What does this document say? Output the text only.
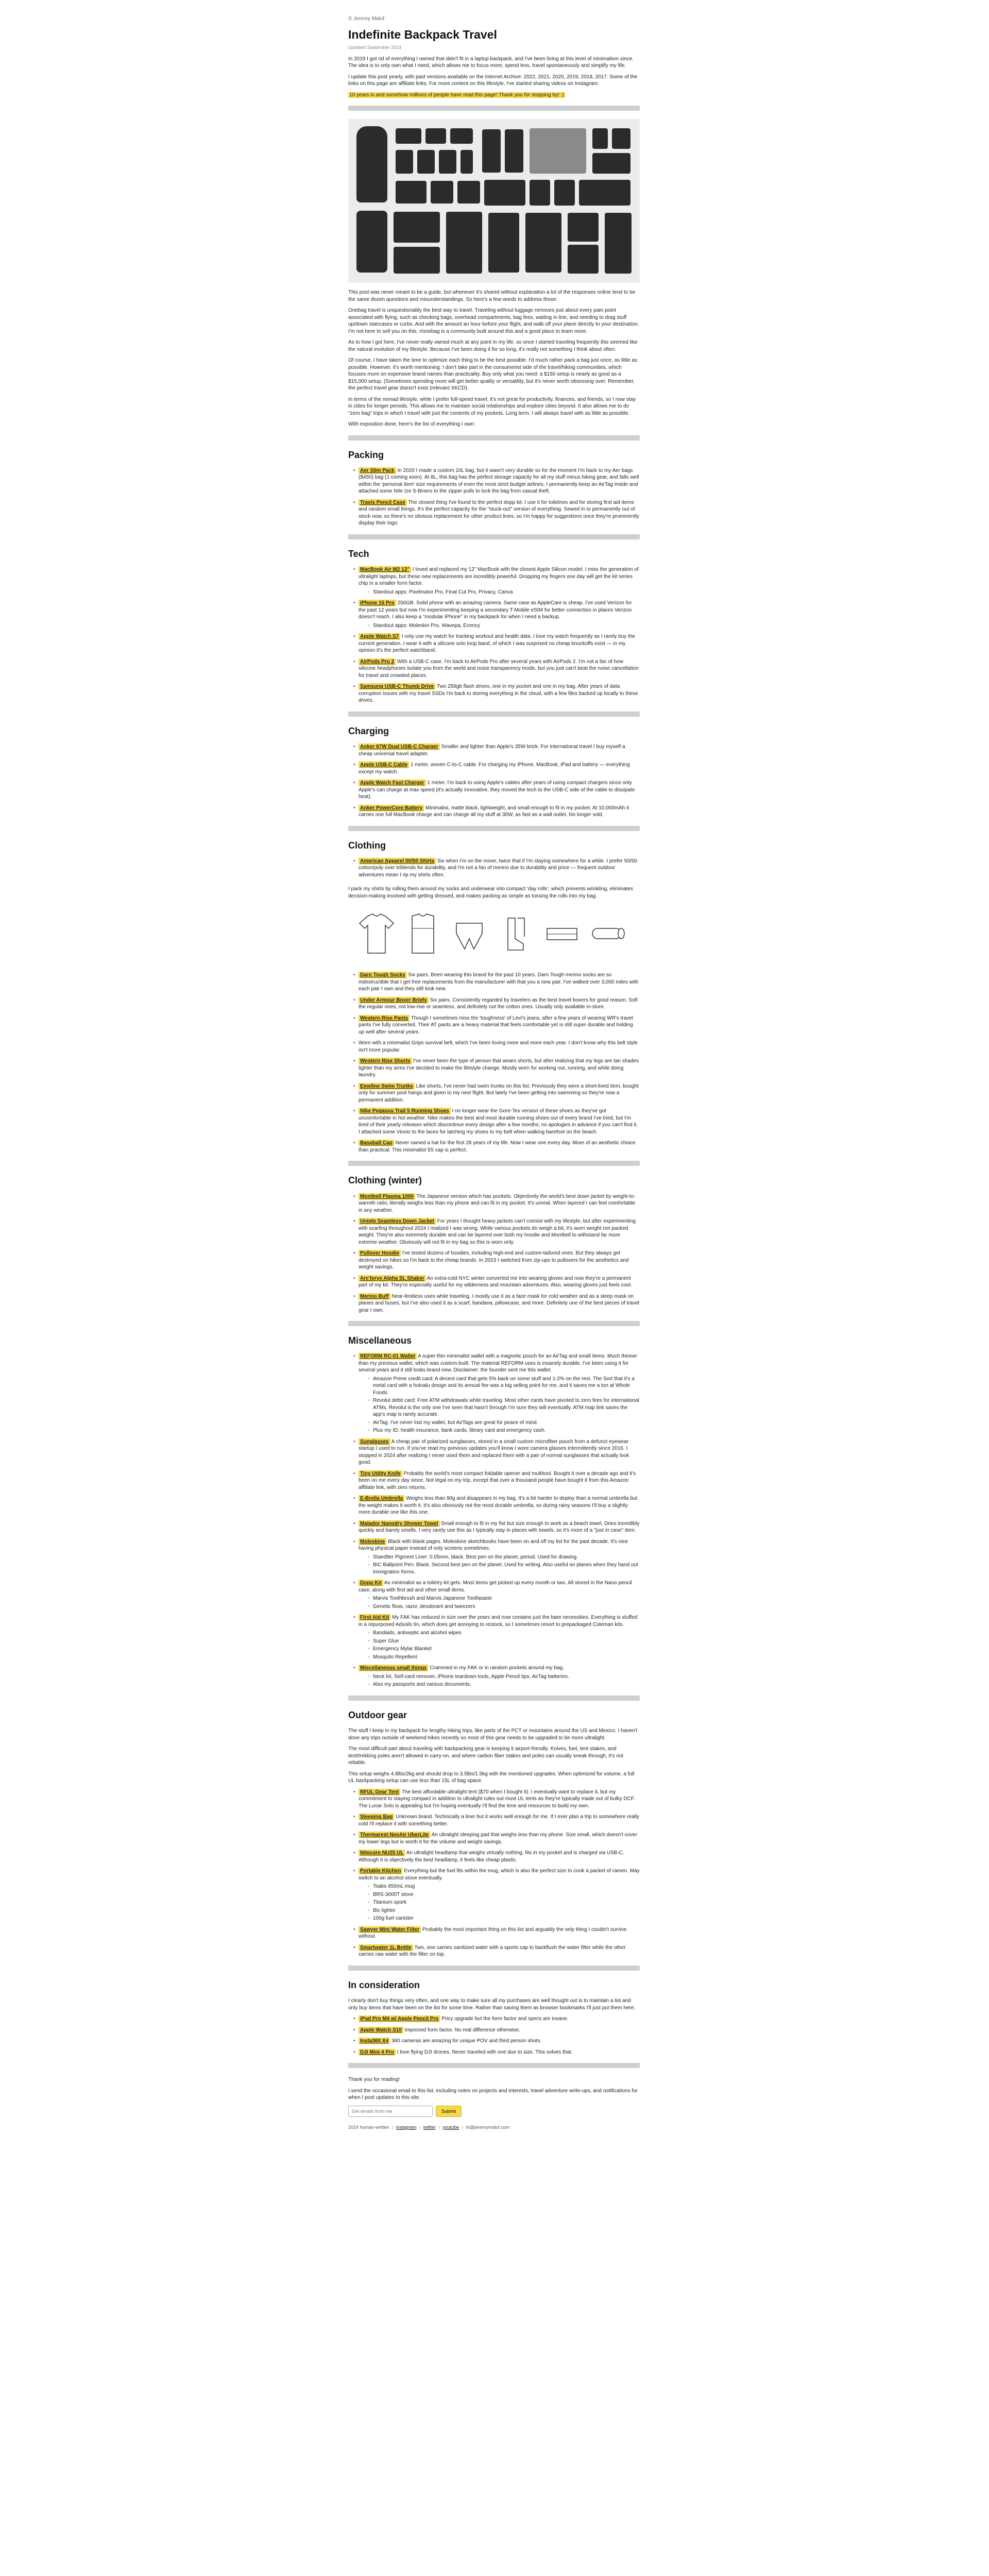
© Jeremy Maluf
Indefinite Backpack Travel
Updated September 2024

In 2019 I got rid of everything I owned that didn't fit in a laptop backpack, and I've been living at this level of minimalism since. The idea is to only own what I need, which allows me to focus more, spend less, travel spontaneously and simplify my life.

I update this post yearly, with past versions available on the Internet Archive: 2022, 2021, 2020, 2019, 2018, 2017. Some of the links on this page are affiliate links. For more content on this lifestyle, I've started sharing videos on Instagram.

10 years in and somehow millions of people have read this page! Thank you for stopping by! :)

This post was never meant to be a guide, but whenever it's shared without explanation a lot of the responses online tend to be the same dozen questions and misunderstandings. So here's a few words to address those:

Onebag travel is unquestionably the best way to travel. Traveling without luggage removes just about every pain point associated with flying, such as checking bags, overhead compartments, bag fees, waiting in line, and needing to drag stuff up/down staircases or curbs. And with the amount an hour before your flight, and walk off your plane directly to your destination. I'm not here to sell you on this. r/onebag is a community built around this and a good place to learn more.

As to how I got here, I've never really owned much at any point in my life, so once I started traveling frequently this seemed like the natural evolution of my lifestyle. Because I've been doing it for so long, it's really not something I think about often.

Of course, I have taken the time to optimize each thing to be the best possible. I'd much rather pack a bag just once, as little as possible. However, it's worth mentioning: I don't take part in the consumerist side of the travel/hiking communities, which focuses more on expensive brand names than practicality. Buy only what you need: a $150 setup is nearly as good as a $15,000 setup. (Sometimes spending more will get better quality or versatility, but it's never worth obsessing over. Remember, the perfect travel gear doesn't exist (relevant XKCD).

In terms of the nomad lifestyle, while I prefer full-speed travel, it's not great for productivity, finances, and friends, so I now stay in cities for longer periods. This allows me to maintain social relationships and explore cities beyond. It also allows me to do "zero bag" trips in which I travel with just the contents of my pockets. Long term, I will always travel with as little as possible.

With exposition done, here's the list of everything I own:

Packing
• Aer Slim Pack In 2020 I made a custom 10L bag, but it wasn't very durable so for the moment I'm back to my Aer bags ($450) bag (1 coming soon). At 8L, this bag has the perfect storage capacity for all my stuff minus hiking gear, and falls well within the 'personal item' size requirements of even the most strict budget airlines. I permanently keep an AirTag inside and attached some Nite Ize S-Biners to the zipper pulls to lock the bag from casual theft.
• Travis Pencil Case The closest thing I've found to the perfect dopp kit. I use it for toiletries and for storing first aid items and random small things. It's the perfect capacity for the "stuck-out" version of everything. Sewed in to permanently out of stock now, so there's no obvious replacement for other product lines, so I'm happy for suggestions once they're prominently display their logo.
Tech
• MacBook Air M2 13" I loved and replaced my 12" MacBook with the closest Apple Silicon model. I miss the generation of ultralight laptops, but these new replacements are incredibly powerful. Dropping my fingers one day will get the kit series chip in a smaller form factor.
◦ Standout apps: Pixelmator Pro, Final Cut Pro, Privacy, Canva
• iPhone 15 Pro 256GB. Solid phone with an amazing camera. Same case as AppleCare is cheap. I've used Verizon for the past 12 years but now I'm experimenting keeping a secondary T-Mobile eSIM for better connection in places Verizon doesn't reach. I also keep a "modular iPhone" in my backpack for when I need a backup.
◦ Standout apps: Moleskin Pro, Wavepa, Ecency
• Apple Watch S7 I only use my watch for tracking workout and health data. I lose my watch frequently as I rarely buy the current generation. I wear it with a silicone solo loop band, of which I was surprised no cheap knockoffs exist — in my opinion it's the perfect watchband.
• AirPods Pro 2 With a USB-C case. I'm back to AirPods Pro after several years with AirPods 2. I'm not a fan of how silicone headphones isolate you from the world and noise transparency mode, but you just can't beat the noise cancellation for travel and crowded places.
• Samsung USB-C Thumb Drive Two 256gb flash drives, one in my pocket and one in my bag. After years of data corruption issues with my travel SSDs I'm back to storing everything in the cloud, with a few files backed up locally to these drives.
Charging
• Anker 67W Dual USB-C Charger Smaller and lighter than Apple's 35W brick. For international travel I buy myself a cheap universal travel adapter.
• Apple USB-C Cable 1 meter, woven C-to-C cable. For charging my iPhone, MacBook, iPad and battery — everything except my watch.
• Apple Watch Fast Charger 1 meter. I'm back to using Apple's cables after years of using compact chargers since only Apple's can charge at max speed (it's actually innovative, they moved the tech to the USB-C side of the cable to dissipate heat).
• Anker PowerCore Battery Minimalist, matte black, lightweight, and small enough to fit in my pocket. At 10,000mAh it carries one full MacBook charge and can charge all my stuff at 30W, as fast as a wall outlet. No longer sold.
Clothing
• American Apparel 50/50 Shirts Six when I'm on the move, twice that if I'm staying somewhere for a while. I prefer 50/50 cotton/poly over triblends for durability, and I'm not a fan of merino due to durability and price — frequent outdoor adventures mean I rip my shirts often.

I pack my shirts by rolling them around my socks and underwear into compact 'day rolls', which prevents wrinkling, eliminates decision-making involved with getting dressed, and makes packing as simple as tossing the rolls into my bag.

• Darn Tough Socks Six pairs. Been wearing this brand for the past 10 years. Darn Tough merino socks are so indestructible that I get free replacements from the manufacturer with that you a new pair. I've walked over 3,000 miles with each pair I own and they still look new.
• Under Armour Boxer Briefs Six pairs. Consistently regarded by travelers as the best travel boxers for good reason. Soft the regular ones, not low-rise or seamless, and definitely not the cotton ones. Usually only available in-store.
• Western Rise Pants Though I sometimes miss the 'toughness' of Levi's jeans, after a few years of wearing WR's travel pants I've fully converted. Their AT pants are a heavy material that feels comfortable yet is still super durable and holding up well after several years.
• Worn with a minimalist Grips survival belt, which I've been loving more and more each year. I don't know why this belt style isn't more popular.
• Western Rise Shorts I've never been the type of person that wears shorts, but after realizing that my legs are tan shades lighter than my arms I've decided to make the lifestyle change. Mostly worn for working out, running, and while doing laundry.
• Emeline Swim Trunks Like shorts, I've never had swim trunks on this list. Previously they were a short-lived item, bought only for summer pool hangs and given to my next flight. But lately I've been getting into swimming so they're now a permanent addition.
• Nike Pegasus Trail 5 Running Shoes I no longer wear the Gore-Tex version of these shoes as they've got uncomfortable in hot weather. Nike makes the best and most durable running shoes out of every brand I've tried, but I'm tired of their yearly releases which discontinue every design after a few months; no apologies in advance if you can't find it. I attached some Vionic to the laces for latching my shoes to my belt when walking barefoot on the beach.
• Baseball Cap Never owned a hat for the first 28 years of my life. Now I wear one every day. More of an aesthetic choice than practical. This minimalist 5S cap is perfect.
Clothing (winter)
• Montbell Plasma 1000 The Japanese version which has pockets. Objectively the world's best down jacket by weight-to-warmth ratio; literally weighs less than my phone and can fit in my pocket. It's unreal. When layered I can feel comfortable in any weather.
• Uniqlo Seamless Down Jacket For years I thought heavy jackets can't coexist with my lifestyle, but after experimenting with scarfing throughout 2024 I realized I was wrong. While various pockets do weigh a bit, it's worn weight not packed weight. They're also extremely durable and can be layered over both my hoodie and Montbell to withstand far more extreme weather. Obviously will not fit in my bag so this is worn only.
• Pullover Hoodie I've tested dozens of hoodies, including high-end and custom-tailored ones. But they always get destroyed on hikes so I'm back to the cheap brands. In 2023 I switched from zip-ups to pullovers for the aesthetics and weight savings.
• Arc'teryx Alpha SL Shaker An extra-cold NYC winter converted me into wearing gloves and now they're a permanent part of my kit. They're especially useful for my wilderness and mountain adventures. Also, wearing gloves just feels cool.
• Merino Buff Near-limitless uses while traveling. I mostly use it as a face mask for cold weather and as a sleep mask on planes and buses, but I've also used it as a scarf, bandana, pillowcase, and more. Definitely one of the best pieces of travel gear I own.
Miscellaneous
• REFORM RC-01 Wallet A super-thin minimalist wallet with a magnetic pouch for an AirTag and small items. Much thinner than my previous wallet, which was custom-built. The material REFORM uses is insanely durable, I've been using it for several years and it still looks brand new. Disclaimer: the founder sent me this wallet.
◦ Amazon Prime credit card: A decent card that gets 5% back on some stuff and 1-2% on the rest. The Sort that it's a metal card with a holoalu design and its annual fee was a big selling point for me, and it saves me a ton at Whole Foods.
◦ Revolut debit card: Free ATM withdrawals while traveling. Most other cards have pivoted to zero fees for international ATMs, Revolut is the only one I've seen that hasn't through I'm sure they will eventually. ATM map link saves the app's map is rarely accurate.
◦ AirTag: I've never lost my wallet, but AirTags are great for peace of mind.
◦ Plus my ID, health insurance, bank cards, library card and emergency cash.
• Sunglasses A cheap pair of polarized sunglasses, stored in a small custom microfiber pouch from a defunct eyewear startup I used to run. If you've read my previous updates you'll know I wore camera glasses intermittently since 2016. I stopped in 2024 after realizing I never used them and replaced them with a pair of normal sunglasses that actually look good.
• Tiny Utility Knife Probably the world's most compact foldable opener and multitool. Bought it over a decade ago and it's been on me every day since. Not legal on my trip, except that over a thousand people have bought it from this Amazon affiliate link, with zero returns.
• E-Brella Umbrella Weighs less than 90g and disappears in my bag. It's a bit harder to deploy than a normal umbrella but the weight makes it worth it. It's also obviously not the most durable umbrella, so during rainy seasons I'll buy a slightly more durable one like this one.
• Matador Nanodry Shower Towel Small enough to fit in my fist but size enough to work as a beach towel. Dries incredibly quickly and barely smells. I very rarely use this as I typically stay in places with towels, so it's more of a "just in case" item.
• Moleskine Black with blank pages. Moleskine sketchbooks have been on and off my list for the past decade. It's nice having physical paper instead of only screens sometimes.
◦ Staedtler Pigment Liner: 0.05mm, black. Best pen on the planet, period. Used for drawing.
◦ BIC Ballpoint Pen: Black. Second best pen on the planet. Used for writing. Also useful on planes when they hand out immigration forms.
• Dopp Kit As minimalist as a toiletry kit gets. Most items get picked up every month or two. All stored in the Nano pencil case, along with first aid and other small items.
◦ Marvis Toothbrush and Marvis Japanese Toothpaste
◦ Genetic floss, razor, deodorant and tweezers
• First Aid Kit My FAK has reduced in size over the years and now contains just the bare necessities. Everything is stuffed in a repurposed Adsoils tin, which does get annoying to restock, so I sometimes resort to prepackaged Coleman kits.
◦ Bandaids, antiseptic and alcohol wipes
◦ Super Glue
◦ Emergency Mylar Blanket
◦ Mosquito Repellent
• Miscellaneous small things Crammed in my FAK or in random pockets around my bag.
◦ Neck kit, Self-card remover, iPhone teardown tools, Apple Pencil tips, AirTag batteries.
◦ Also my passports and various documents.
Outdoor gear

The stuff I keep in my backpack for lengthy hiking trips, like parts of the PCT or mountains around the US and Mexico. I haven't done any trips outside of weekend hikes recently so most of this gear needs to be upgraded to be more ultralight.

The most difficult part about traveling with backpacking gear is keeping it airport-friendly. Knives, fuel, tent stakes, and tent/trekking poles aren't allowed in carry-on, and where carbon fiber stakes and poles can usually sneak through, it's not reliable.

This setup weighs 4.8lbs/2kg and should drop to 3.5lbs/1.5kg with the mentioned upgrades. When optimized for volume, a full UL backpacking setup can use less than 15L of bag space.

• RFUL Gear Tent The best affordable ultralight tent ($70 when I bought it). I eventually want to replace it, but my commitment to staying compact in addition to ultralight rules out most UL tents as they're typically made out of bulky DCF. The Lunar Solo is appealing but I'm hoping eventually I'll find the time and resources to build my own.
• Sleeping Bag Unknown brand. Technically a liner but it works well enough for me. If I ever plan a trip to somewhere really cold I'll replace it with something better.
• Thermarest NeoAir UberLite An ultralight sleeping pad that weighs less than my phone. Size small, which doesn't cover my lower legs but is worth it for the volume and weight savings.
• Nitecore NU25 UL An ultralight headlamp that weighs virtually nothing, fits in my pocket and is charged via USB-C. Although it is objectively the best headlamp, it feels like cheap plastic.
• Portable Kitchen Everything but the fuel fits within the mug, which is also the perfect size to cook a packet of ramen. May switch to an alcohol stove eventually.
◦ Toaks 450mL mug
◦ BRS-3000T stove
◦ Titanium spork
◦ Bic lighter
◦ 100g fuel canister
• Sawyer Mini Water Filter Probably the most important thing on this list and arguably the only thing I couldn't survive without.
• Smartwater 1L Bottle Two, one carries sanitized water with a sports cap to backflush the water filter while the other carries raw water with the filter on top.
In consideration

I clearly don't buy things very often, and one way to make sure all my purchases are well thought out is to maintain a list and only buy items that have been on the list for some time. Rather than saving them as browser bookmarks I'll just put them here.

• iPad Pro M4 w/ Apple Pencil Pro Pricy upgrade but the form factor and specs are insane.
• Apple Watch S10 Improved form factor. No real difference otherwise.
• Insta360 X4 360 cameras are amazing for unique POV and third person shots.
• DJI Mini 4 Pro I love flying DJI drones. Never traveled with one due to size. This solves that.

Thank you for reading!

I send the occasional email to this list, including notes on projects and interests, travel adventure write-ups, and notifications for when I post updates to this site.

Get emails from me
Submit
2024 human-written | instagram | twitter | youtube | hi@jeremymaluf.com
